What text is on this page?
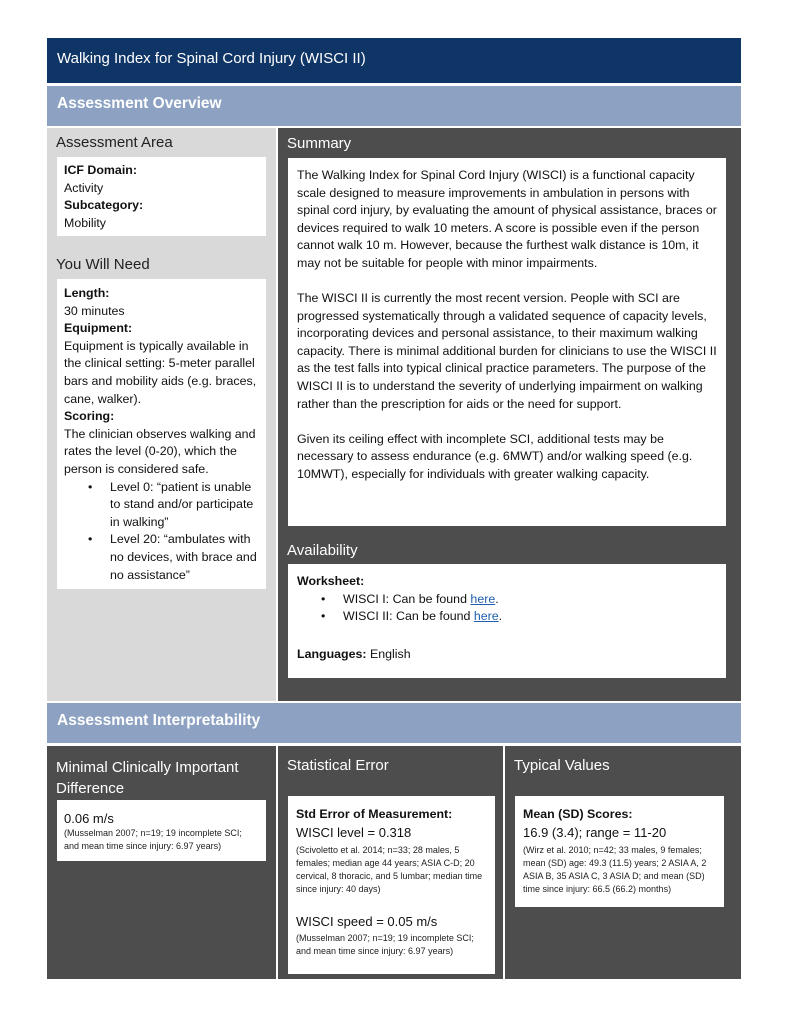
Walking Index for Spinal Cord Injury (WISCI II)
Assessment Overview
Assessment Area
ICF Domain:
Activity
Subcategory:
Mobility
You Will Need
Length:
30 minutes
Equipment:
Equipment is typically available in the clinical setting: 5-meter parallel bars and mobility aids (e.g. braces, cane, walker).
Scoring:
The clinician observes walking and rates the level (0-20), which the person is considered safe.
• Level 0: “patient is unable to stand and/or participate in walking”
• Level 20: “ambulates with no devices, with brace and no assistance”
Summary

The Walking Index for Spinal Cord Injury (WISCI) is a functional capacity scale designed to measure improvements in ambulation in persons with spinal cord injury, by evaluating the amount of physical assistance, braces or devices required to walk 10 meters. A score is possible even if the person cannot walk 10 m. However, because the furthest walk distance is 10m, it may not be suitable for people with minor impairments.

The WISCI II is currently the most recent version. People with SCI are progressed systematically through a validated sequence of capacity levels, incorporating devices and personal assistance, to their maximum walking capacity. There is minimal additional burden for clinicians to use the WISCI II as the test falls into typical clinical practice parameters. The purpose of the WISCI II is to understand the severity of underlying impairment on walking rather than the prescription for aids or the need for support.

Given its ceiling effect with incomplete SCI, additional tests may be necessary to assess endurance (e.g. 6MWT) and/or walking speed (e.g. 10MWT), especially for individuals with greater walking capacity.

Availability
Worksheet:
• WISCI I: Can be found here.
• WISCI II: Can be found here.
Languages: English
Assessment Interpretability
Minimal Clinically Important Difference
0.06 m/s
(Musselman 2007; n=19; 19 incomplete SCI; and mean time since injury: 6.97 years)
Statistical Error
Std Error of Measurement:
WISCI level = 0.318
(Scivoletto et al. 2014; n=33; 28 males, 5 females; median age 44 years; ASIA C-D; 20 cervical, 8 thoracic, and 5 lumbar; median time since injury: 40 days)
WISCI speed = 0.05 m/s
(Musselman 2007; n=19; 19 incomplete SCI; and mean time since injury: 6.97 years)
Typical Values
Mean (SD) Scores:
16.9 (3.4); range = 11-20
(Wirz et al. 2010; n=42; 33 males, 9 females; mean (SD) age: 49.3 (11.5) years; 2 ASIA A, 2 ASIA B, 35 ASIA C, 3 ASIA D; and mean (SD) time since injury: 66.5 (66.2) months)
